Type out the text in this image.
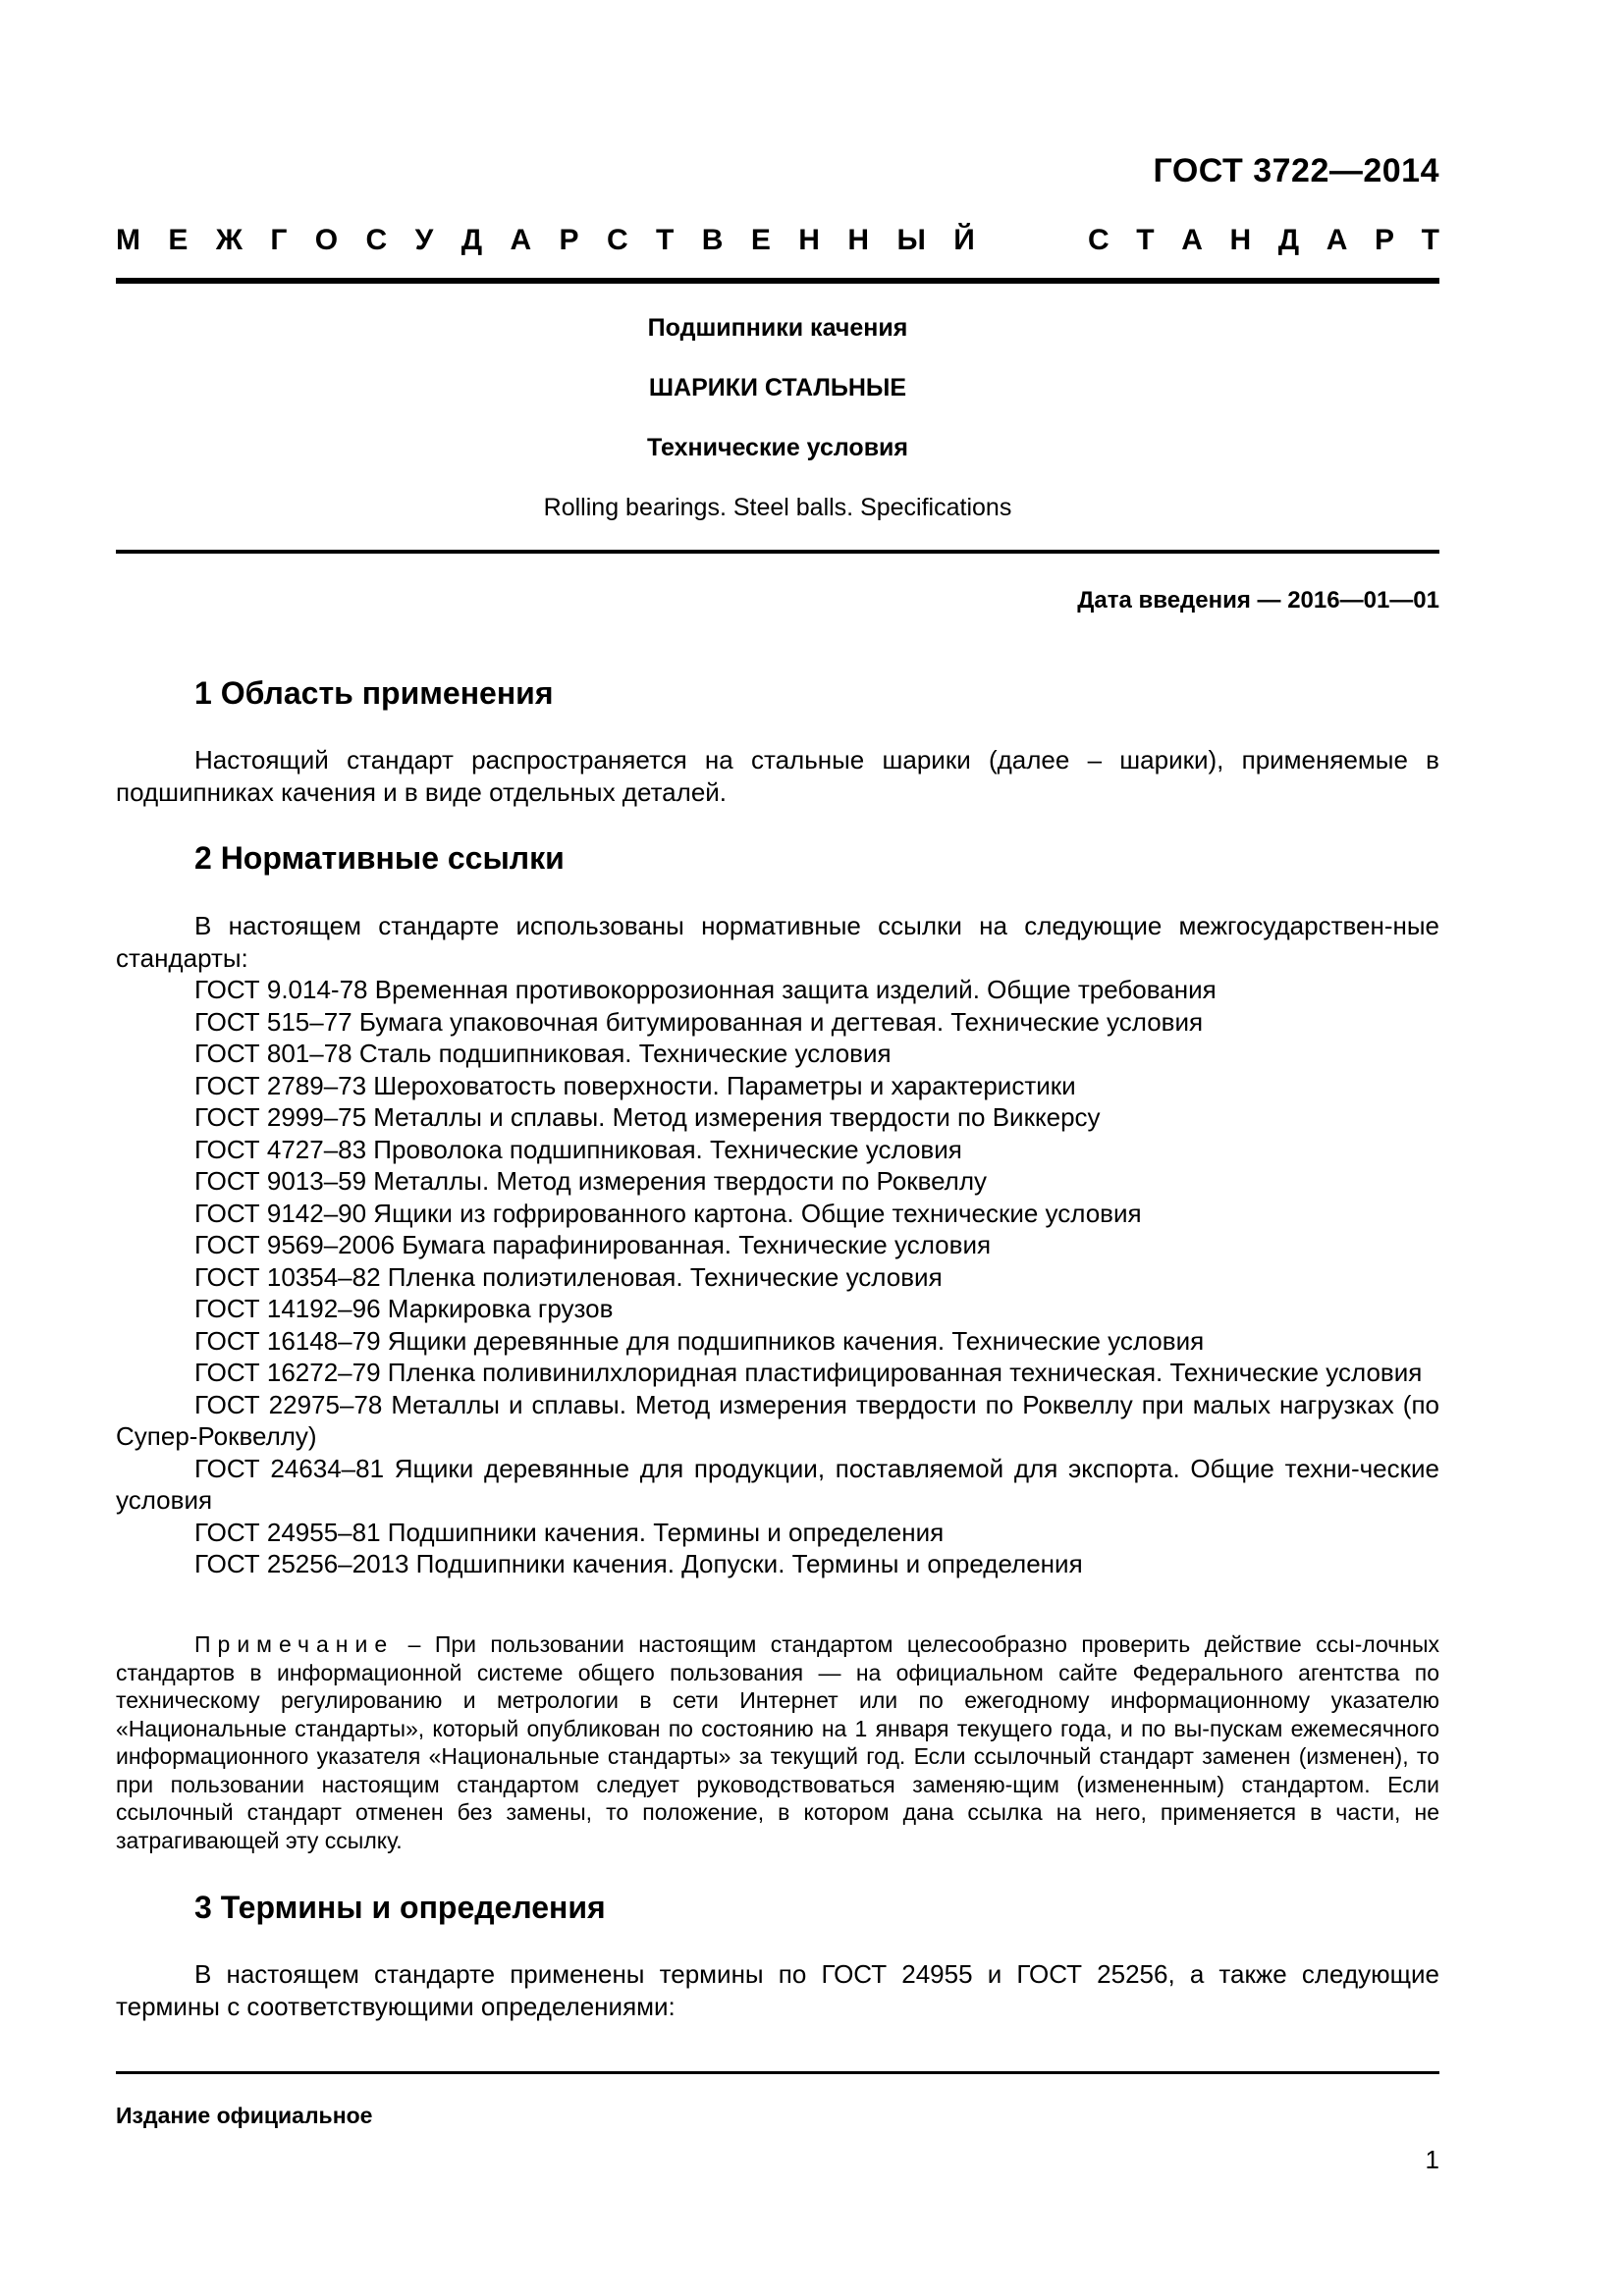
ГОСТ 3722—2014
М Е Ж Г О С У Д А Р С Т В Е Н Н Ы Й	С Т А Н Д А Р Т
Подшипники качения
ШАРИКИ СТАЛЬНЫЕ
Технические условия
Rolling bearings. Steel balls. Specifications
Дата введения — 2016—01—01
1 Область применения
Настоящий стандарт распространяется на стальные шарики (далее – шарики), применяемые в подшипниках качения и в виде отдельных деталей.
2 Нормативные ссылки
В настоящем стандарте использованы нормативные ссылки на следующие межгосударствен-ные стандарты:
ГОСТ 9.014-78 Временная противокоррозионная защита изделий. Общие требования
ГОСТ 515–77 Бумага упаковочная битумированная и дегтевая. Технические условия
ГОСТ 801–78 Сталь подшипниковая. Технические условия
ГОСТ 2789–73 Шероховатость поверхности. Параметры и характеристики
ГОСТ 2999–75 Металлы и сплавы. Метод измерения твердости по Виккерсу
ГОСТ 4727–83 Проволока подшипниковая. Технические условия
ГОСТ 9013–59 Металлы. Метод измерения твердости по Роквеллу
ГОСТ 9142–90 Ящики из гофрированного картона. Общие технические условия
ГОСТ 9569–2006 Бумага парафинированная. Технические условия
ГОСТ 10354–82 Пленка полиэтиленовая. Технические условия
ГОСТ 14192–96 Маркировка грузов
ГОСТ 16148–79 Ящики деревянные для подшипников качения. Технические условия
ГОСТ 16272–79 Пленка поливинилхлоридная пластифицированная техническая. Технические условия
ГОСТ 22975–78 Металлы и сплавы. Метод измерения твердости по Роквеллу при малых нагрузках (по Супер-Роквеллу)
ГОСТ 24634–81 Ящики деревянные для продукции, поставляемой для экспорта. Общие техни-ческие условия
ГОСТ 24955–81 Подшипники качения. Термины и определения
ГОСТ 25256–2013 Подшипники качения. Допуски. Термины и определения
Примечание – При пользовании настоящим стандартом целесообразно проверить действие ссы-лочных стандартов в информационной системе общего пользования — на официальном сайте Федерального агентства по техническому регулированию и метрологии в сети Интернет или по ежегодному информационному указателю «Национальные стандарты», который опубликован по состоянию на 1 января текущего года, и по вы-пускам ежемесячного информационного указателя «Национальные стандарты» за текущий год. Если ссылочный стандарт заменен (изменен), то при пользовании настоящим стандартом следует руководствоваться заменяю-щим (измененным) стандартом. Если ссылочный стандарт отменен без замены, то положение, в котором дана ссылка на него, применяется в части, не затрагивающей эту ссылку.
3 Термины и определения
В настоящем стандарте применены термины по ГОСТ 24955 и ГОСТ 25256, а также следующие термины с соответствующими определениями:
Издание официальное
1
